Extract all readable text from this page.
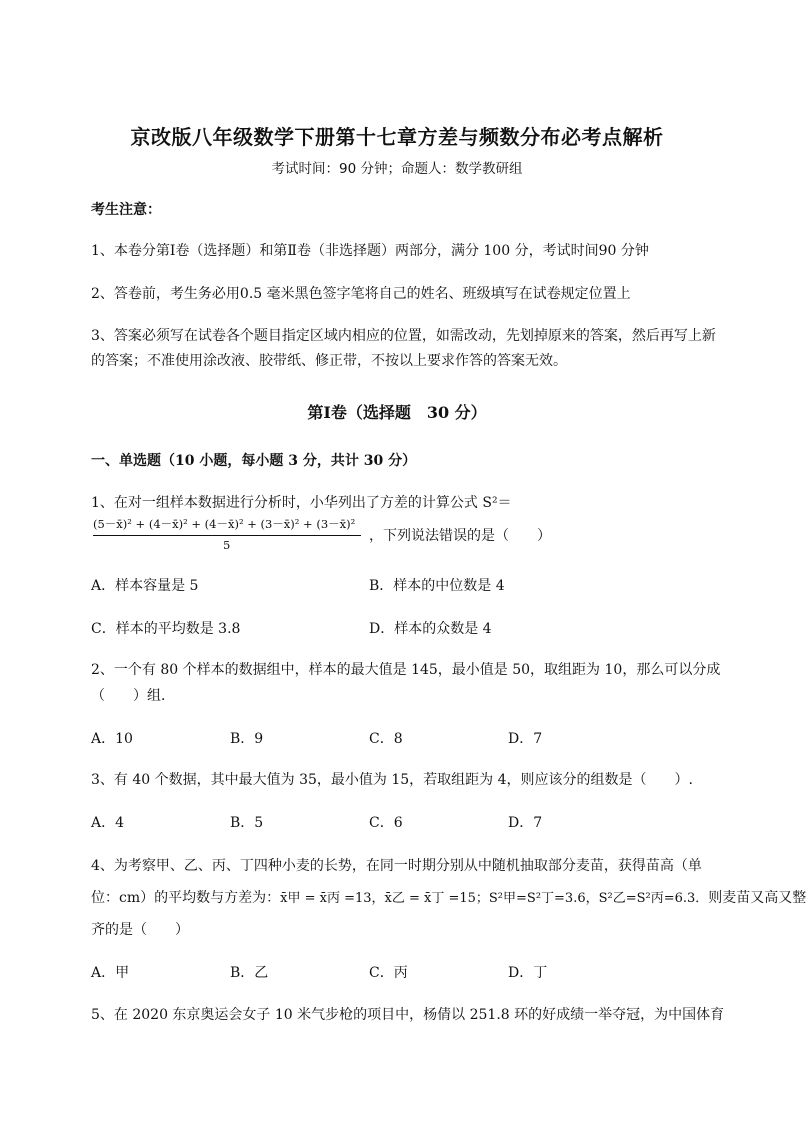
京改版八年级数学下册第十七章方差与频数分布必考点解析
考试时间：90 分钟；命题人：数学教研组
考生注意：
1、本卷分第Ⅰ卷（选择题）和第Ⅱ卷（非选择题）两部分，满分 100 分，考试时间90 分钟
2、答卷前，考生务必用0.5 毫米黑色签字笔将自己的姓名、班级填写在试卷规定位置上
3、答案必须写在试卷各个题目指定区域内相应的位置，如需改动，先划掉原来的答案，然后再写上新
的答案；不准使用涂改液、胶带纸、修正带，不按以上要求作答的答案无效。
第Ⅰ卷（选择题　30 分）
一、单选题（10 小题，每小题 3 分，共计 30 分）
1、在对一组样本数据进行分析时，小华列出了方差的计算公式 S²＝
(5－x̄)² + (4－x̄)² + (4－x̄)² + (3－x̄)² + (3－x̄)²
5
，下列说法错误的是（　　）
A．样本容量是 5	B．样本的中位数是 4
C．样本的平均数是 3.8	D．样本的众数是 4
2、一个有 80 个样本的数据组中，样本的最大值是 145，最小值是 50，取组距为 10，那么可以分成
（　　）组．
A．10	B．9	C．8	D．7
3、有 40 个数据，其中最大值为 35，最小值为 15，若取组距为 4，则应该分的组数是（　　）.
A．4	B．5	C．6	D．7
4、为考察甲、乙、丙、丁四种小麦的长势，在同一时期分别从中随机抽取部分麦苗，获得苗高（单
位：cm）的平均数与方差为：x̄甲 = x̄丙 =13，x̄乙 = x̄丁 =15；S²甲=S²丁=3.6，S²乙=S²丙=6.3．则麦苗又高又整
齐的是（　　）
A．甲	B．乙	C．丙	D．丁
5、在 2020 东京奥运会女子 10 米气步枪的项目中，杨倩以 251.8 环的好成绩一举夺冠，为中国体育
